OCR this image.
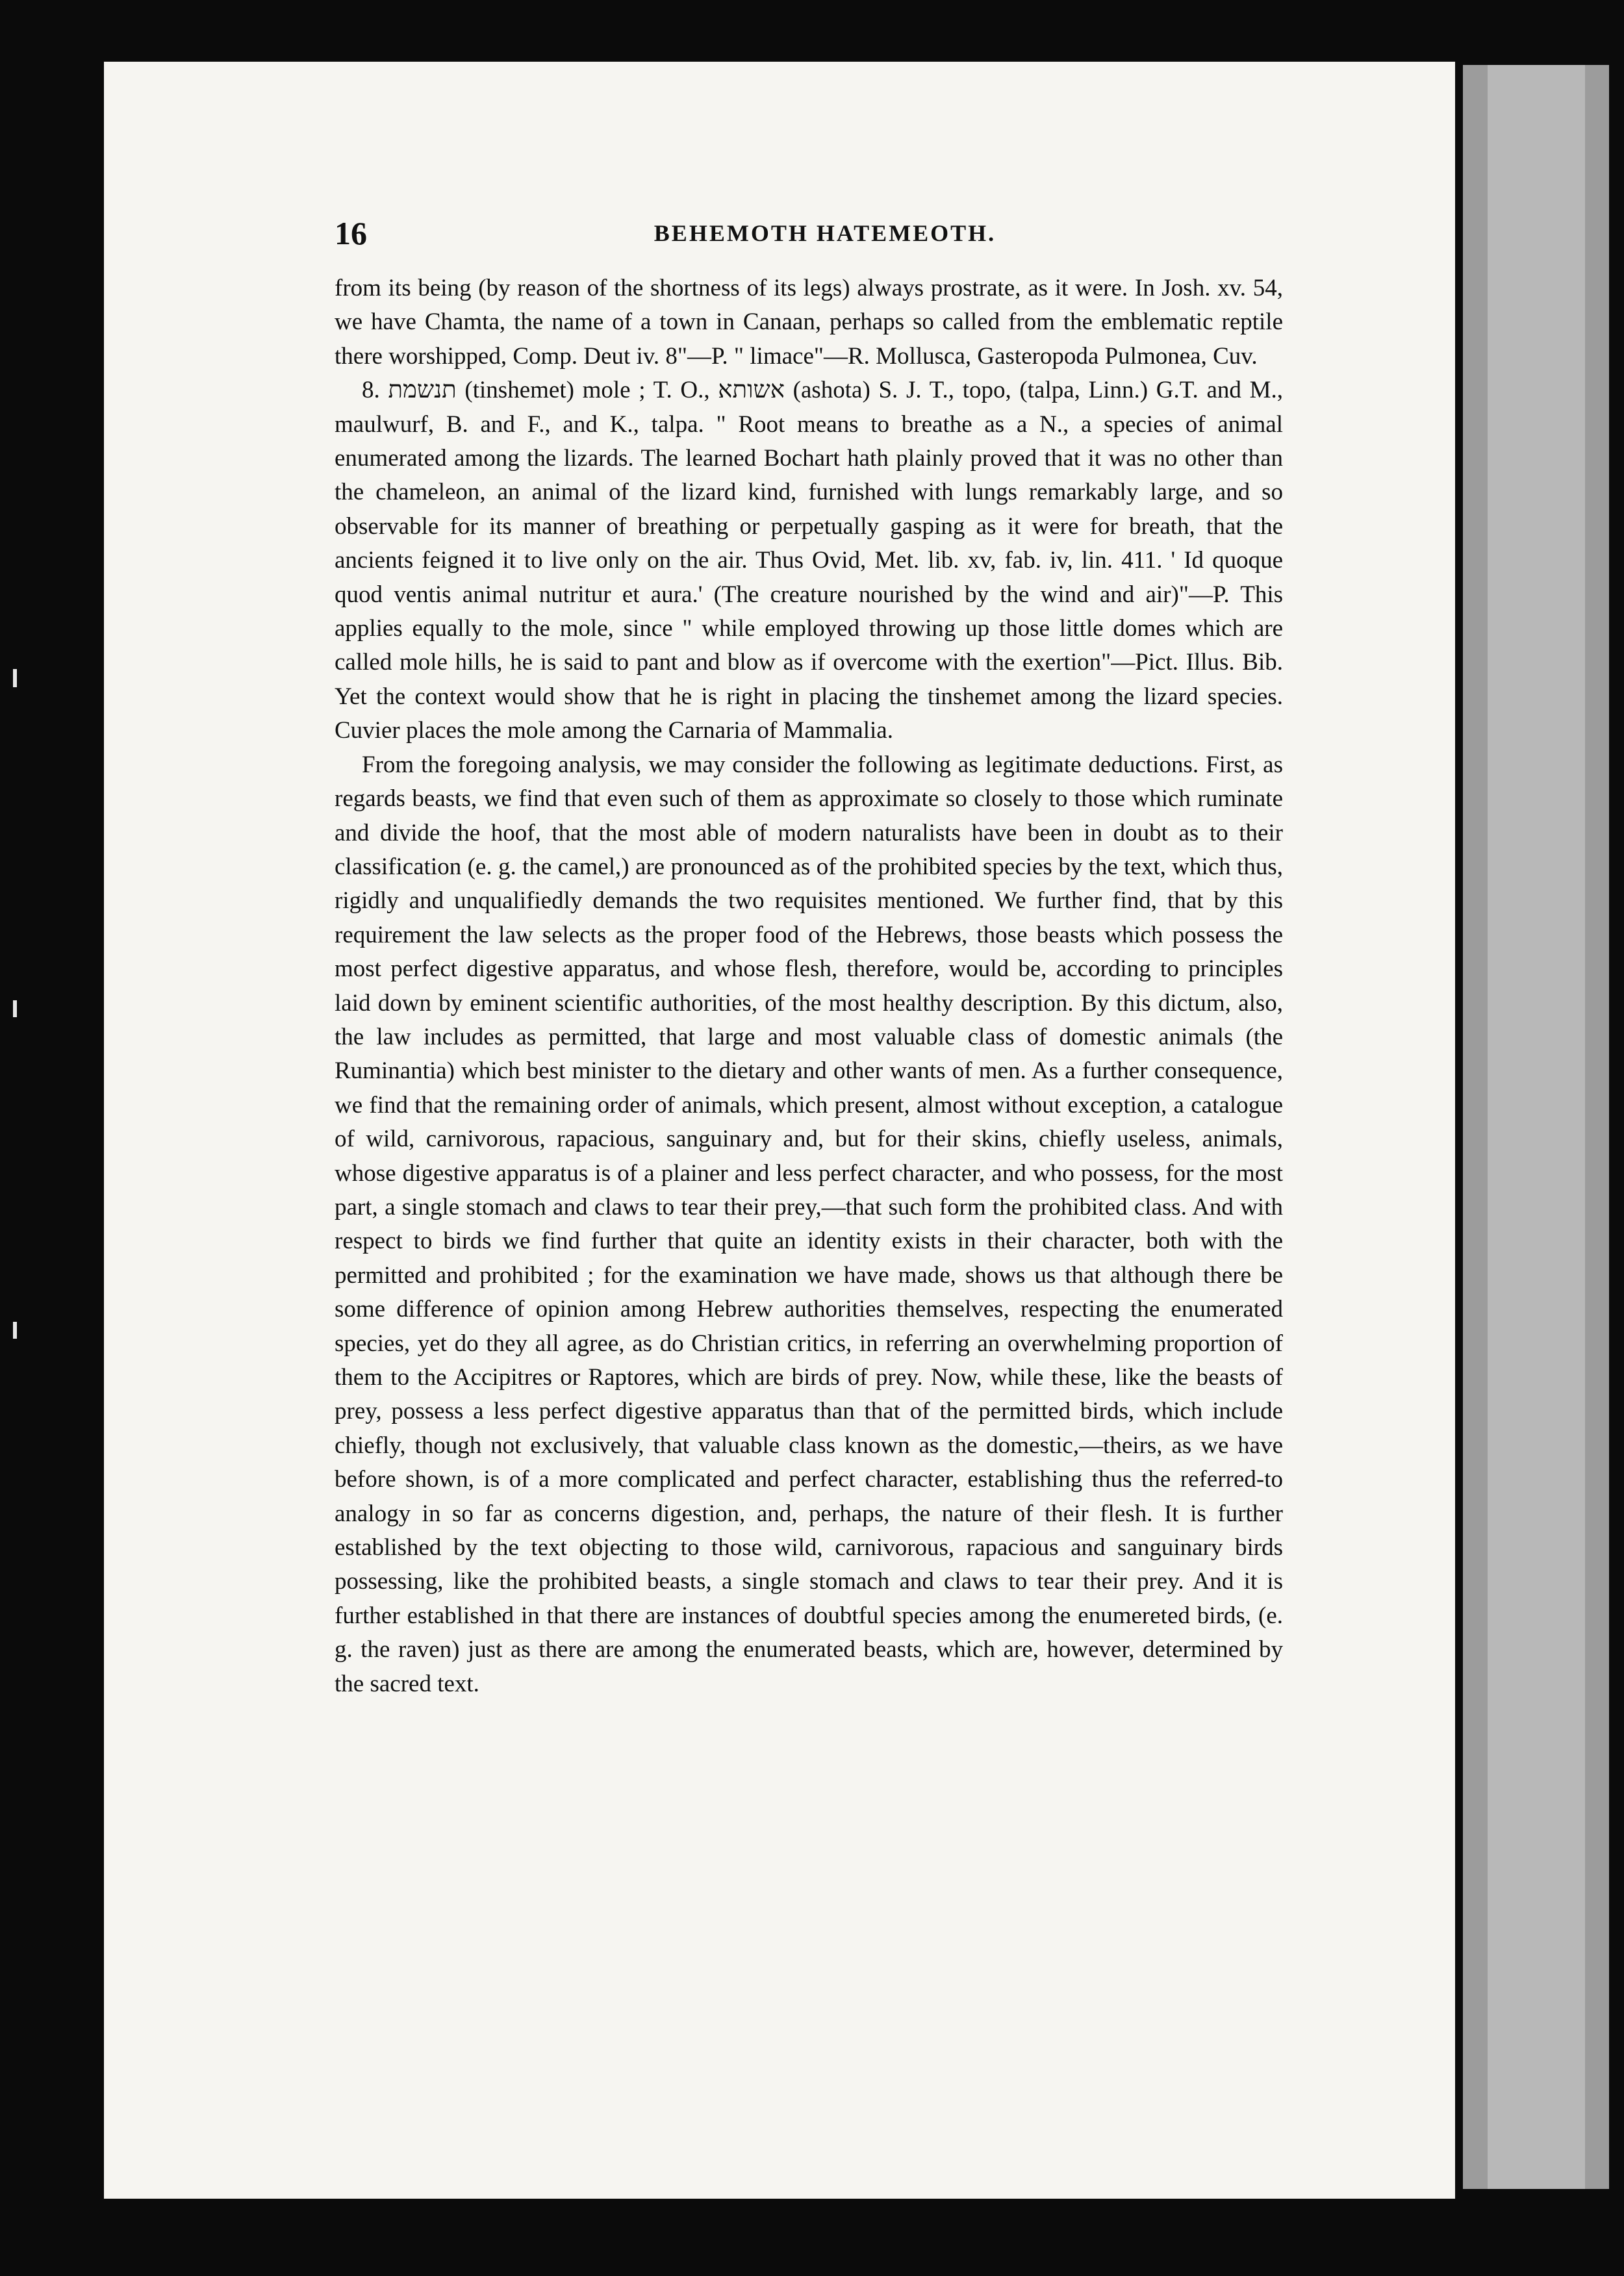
16	BEHEMOTH HATEMEOTH.

from its being (by reason of the shortness of its legs) always prostrate, as it were. In Josh. xv. 54, we have Chamta, the name of a town in Canaan, perhaps so called from the emblematic reptile there worshipped, Comp. Deut iv. 8"—P. " limace"—R. Mollusca, Gasteropoda Pulmonea, Cuv.

8. תנשמת (tinshemet) mole ; T. O., אשותא (ashota) S. J. T., topo, (talpa, Linn.) G.T. and M., maulwurf, B. and F., and K., talpa. " Root means to breathe as a N., a species of animal enumerated among the lizards. The learned Bochart hath plainly proved that it was no other than the chameleon, an animal of the lizard kind, furnished with lungs remarkably large, and so observable for its manner of breathing or perpetually gasping as it were for breath, that the ancients feigned it to live only on the air. Thus Ovid, Met. lib. xv, fab. iv, lin. 411. ' Id quoque quod ventis animal nutritur et aura.' (The creature nourished by the wind and air)"—P. This applies equally to the mole, since " while employed throwing up those little domes which are called mole hills, he is said to pant and blow as if overcome with the exertion"—Pict. Illus. Bib. Yet the context would show that he is right in placing the tinshemet among the lizard species. Cuvier places the mole among the Carnaria of Mammalia.

From the foregoing analysis, we may consider the following as legitimate deductions. First, as regards beasts, we find that even such of them as approximate so closely to those which ruminate and divide the hoof, that the most able of modern naturalists have been in doubt as to their classification (e. g. the camel,) are pronounced as of the prohibited species by the text, which thus, rigidly and unqualifiedly demands the two requisites mentioned. We further find, that by this requirement the law selects as the proper food of the Hebrews, those beasts which possess the most perfect digestive apparatus, and whose flesh, therefore, would be, according to principles laid down by eminent scientific authorities, of the most healthy description. By this dictum, also, the law includes as permitted, that large and most valuable class of domestic animals (the Ruminantia) which best minister to the dietary and other wants of men. As a further consequence, we find that the remaining order of animals, which present, almost without exception, a catalogue of wild, carnivorous, rapacious, sanguinary and, but for their skins, chiefly useless, animals, whose digestive apparatus is of a plainer and less perfect character, and who possess, for the most part, a single stomach and claws to tear their prey,—that such form the prohibited class. And with respect to birds we find further that quite an identity exists in their character, both with the permitted and prohibited ; for the examination we have made, shows us that although there be some difference of opinion among Hebrew authorities themselves, respecting the enumerated species, yet do they all agree, as do Christian critics, in referring an overwhelming proportion of them to the Accipitres or Raptores, which are birds of prey. Now, while these, like the beasts of prey, possess a less perfect digestive apparatus than that of the permitted birds, which include chiefly, though not exclusively, that valuable class known as the domestic,—theirs, as we have before shown, is of a more complicated and perfect character, establishing thus the referred-to analogy in so far as concerns digestion, and, perhaps, the nature of their flesh. It is further established by the text objecting to those wild, carnivorous, rapacious and sanguinary birds possessing, like the prohibited beasts, a single stomach and claws to tear their prey. And it is further established in that there are instances of doubtful species among the enumereted birds, (e. g. the raven) just as there are among the enumerated beasts, which are, however, determined by the sacred text.
